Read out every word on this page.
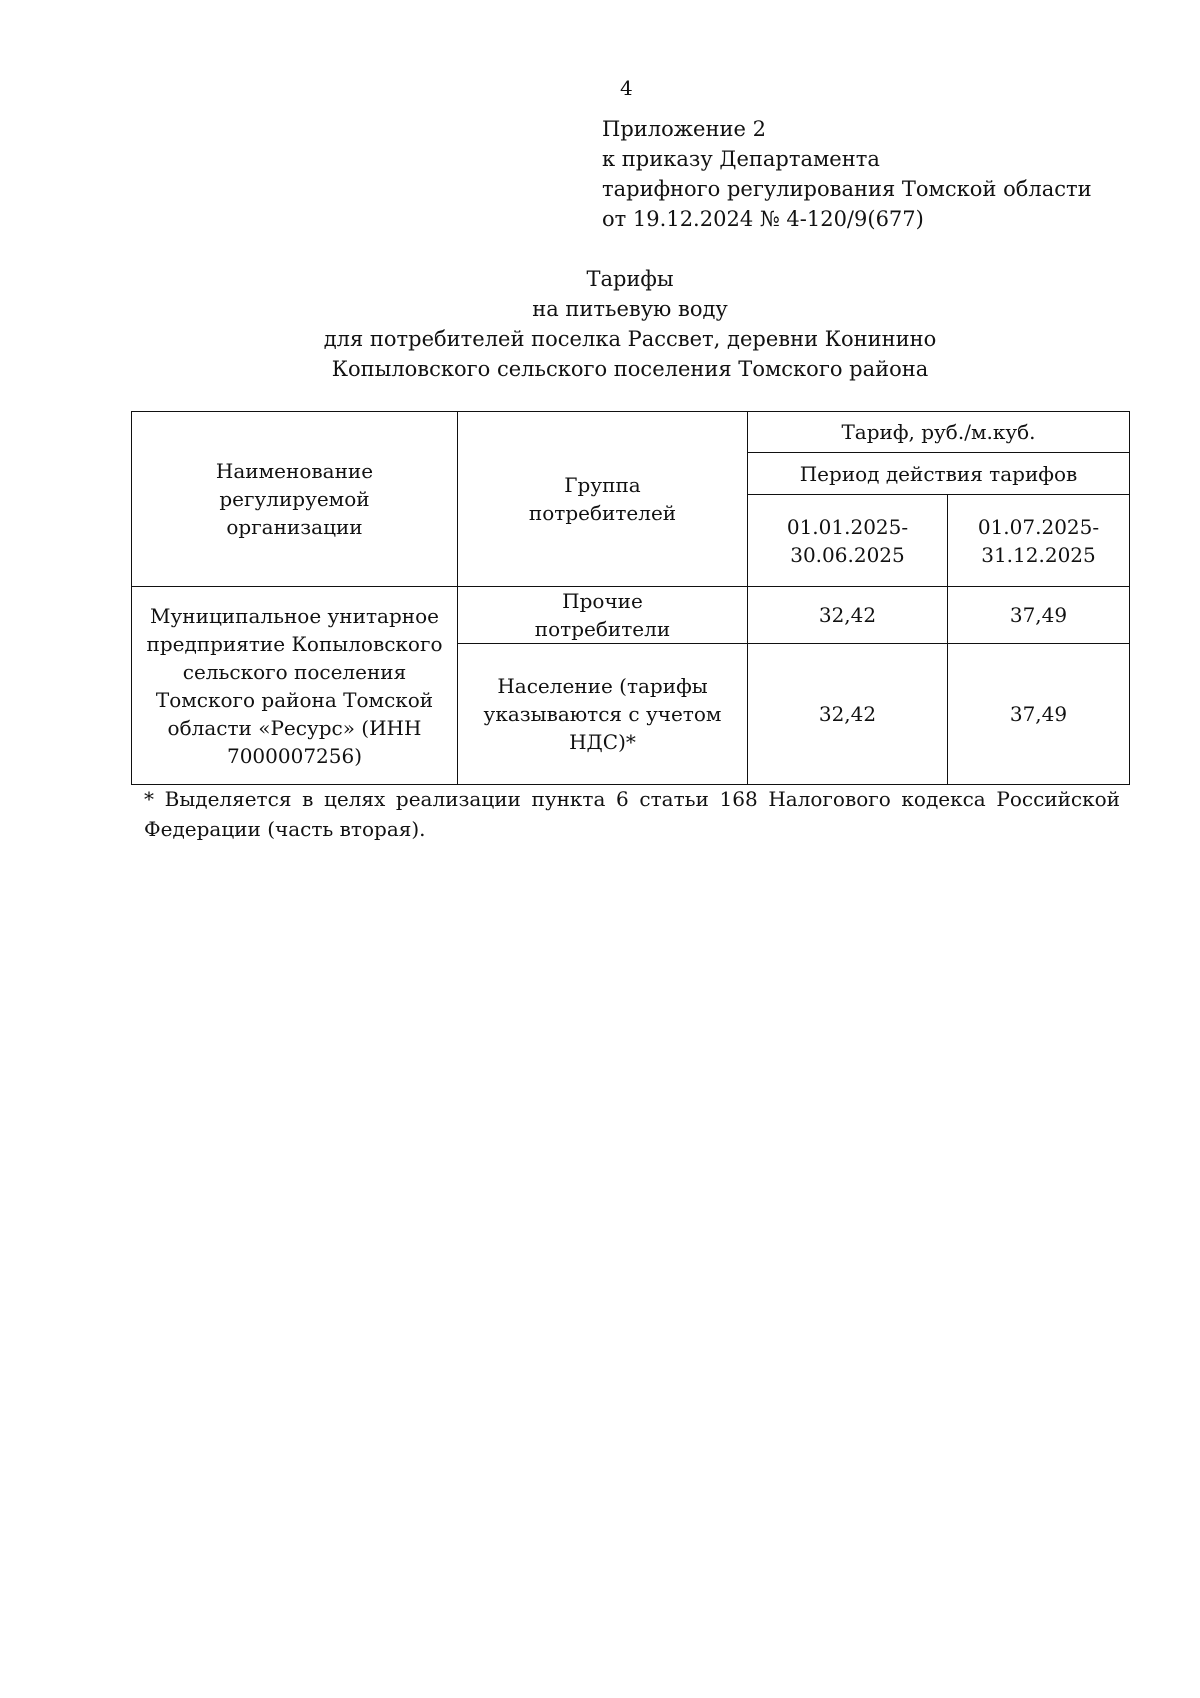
4
Приложение 2
к приказу Департамента
тарифного регулирования Томской области
от 19.12.2024 № 4-120/9(677)
Тарифы
на питьевую воду
для потребителей поселка Рассвет, деревни Конинино
Копыловского сельского поселения Томского района
Наименование регулируемой организации	Группа потребителей	Тариф, руб./м.куб.	
		Период действия тарифов	
		01.01.2025-30.06.2025	01.07.2025-31.12.2025
Муниципальное унитарное предприятие Копыловского сельского поселения Томского района Томской области «Ресурс» (ИНН 7000007256)	Прочие потребители	32,42	37,49
	Население (тарифы указываются с учетом НДС)*	32,42	37,49
* Выделяется в целях реализации пункта 6 статьи 168 Налогового кодекса Российской Федерации (часть вторая).
